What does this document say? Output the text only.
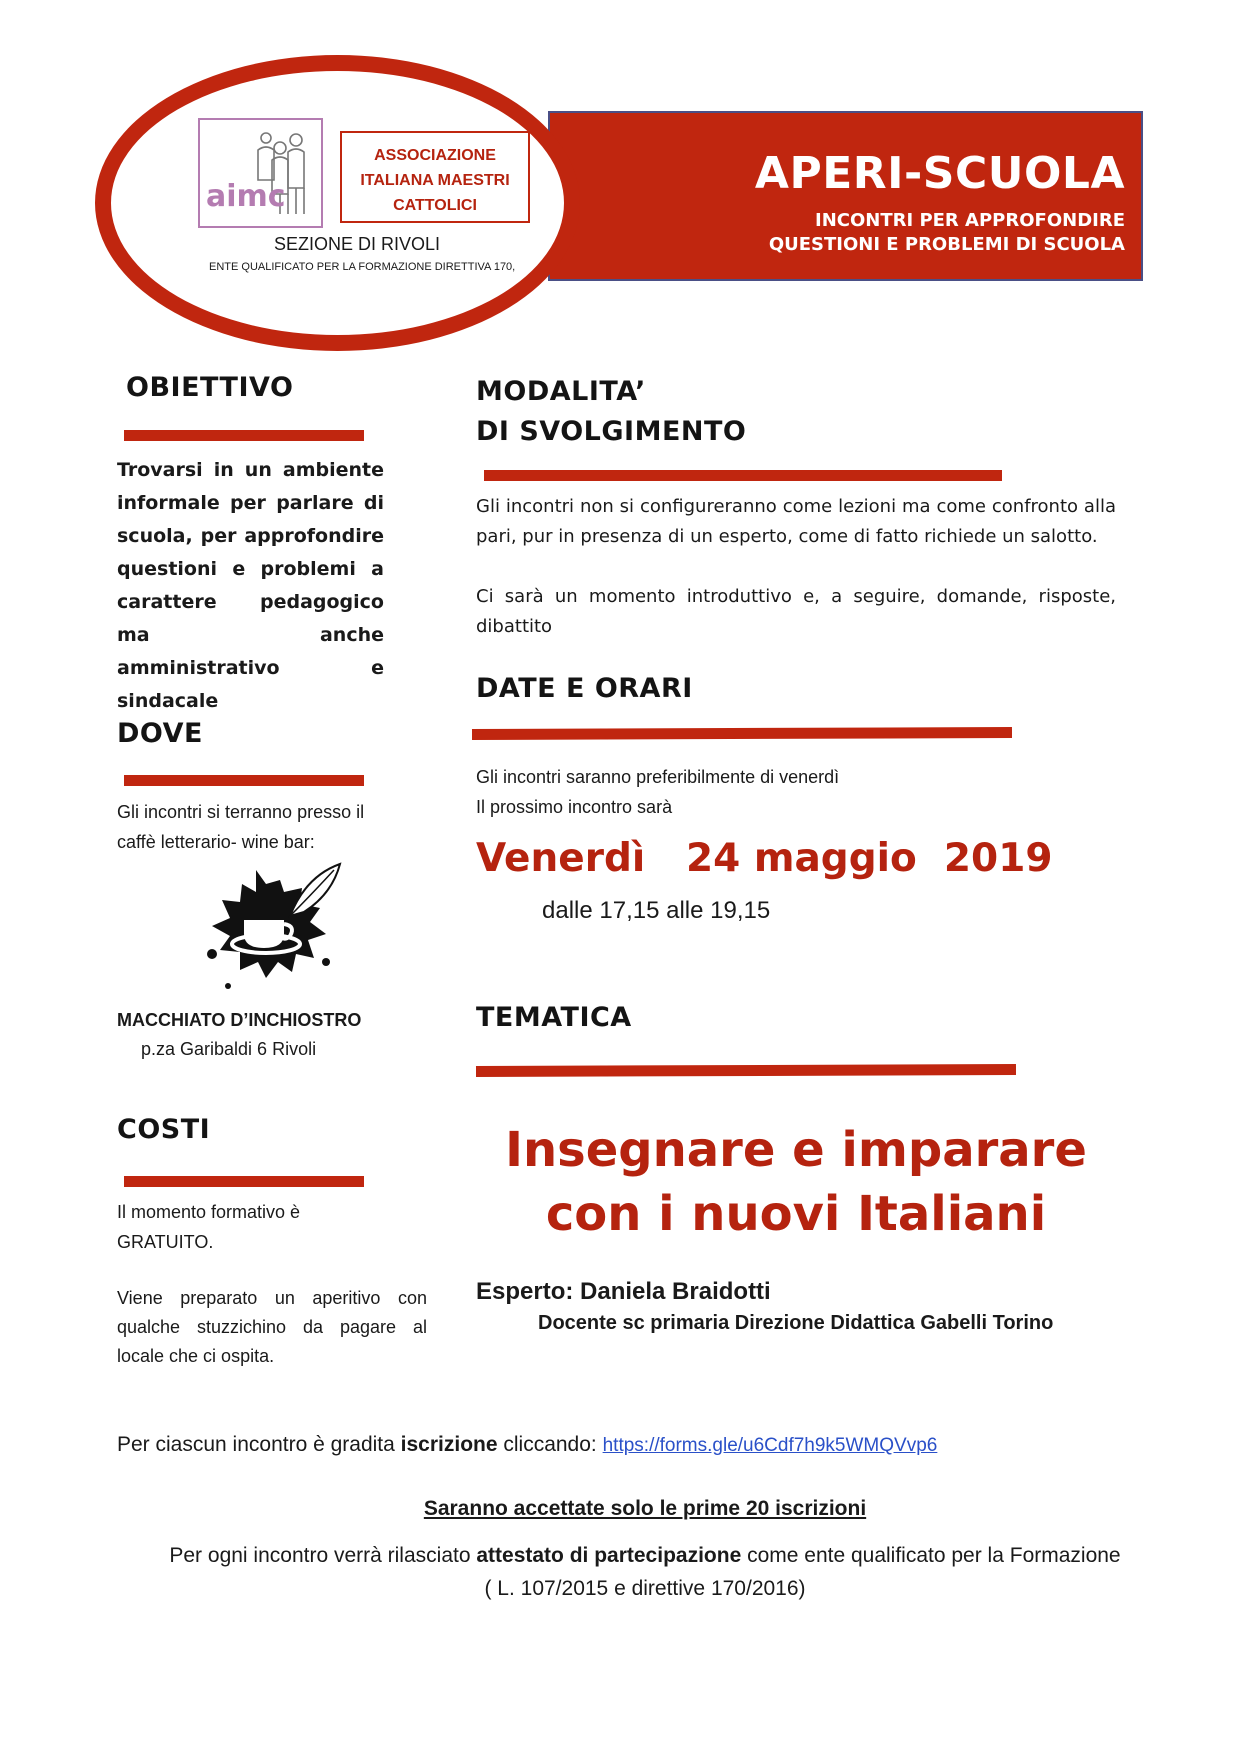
APERI-SCUOLA
INCONTRI PER APPROFONDIRE
QUESTIONI E PROBLEMI DI SCUOLA
aimc
ASSOCIAZIONE
ITALIANA MAESTRI
CATTOLICI
SEZIONE DI RIVOLI
ENTE QUALIFICATO PER LA FORMAZIONE DIRETTIVA 170,
OBIETTIVO

Trovarsi in un ambiente informale per parlare di scuola, per approfondire questioni e problemi a carattere pedagogico ma anche amministrativo e sindacale

DOVE

Gli incontri si terranno presso il caffè letterario- wine bar:

MACCHIATO D’INCHIOSTRO
p.za Garibaldi 6 Rivoli
COSTI

Il momento formativo è GRATUITO.

Viene preparato un aperitivo con qualche stuzzichino da pagare al locale che ci ospita.

MODALITA’
DI SVOLGIMENTO

Gli incontri non si configureranno come lezioni ma come confronto alla pari, pur in presenza di un esperto, come di fatto richiede un salotto.

Ci sarà un momento introduttivo e, a seguire, domande, risposte, dibattito

DATE E ORARI

Gli incontri saranno preferibilmente di venerdì

Il prossimo incontro sarà

Venerdì   24 maggio  2019
dalle 17,15 alle 19,15
TEMATICA
Insegnare e imparare
con i nuovi Italiani
Esperto: Daniela Braidotti
Docente sc primaria Direzione Didattica Gabelli Torino

Per ciascun incontro è gradita iscrizione cliccando: https://forms.gle/u6Cdf7h9k5WMQVvp6

Saranno accettate solo le prime 20 iscrizioni

Per ogni incontro verrà rilasciato attestato di partecipazione come ente qualificato per la Formazione

( L. 107/2015 e direttive 170/2016)
